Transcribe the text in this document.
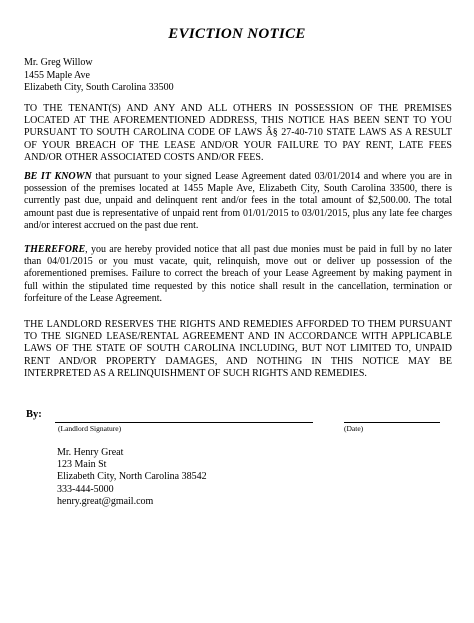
EVICTION NOTICE
Mr. Greg Willow
1455 Maple Ave
Elizabeth City, South Carolina 33500
TO THE TENANT(S) AND ANY AND ALL OTHERS IN POSSESSION OF THE PREMISES LOCATED AT THE AFOREMENTIONED ADDRESS, THIS NOTICE HAS BEEN SENT TO YOU PURSUANT TO SOUTH CAROLINA CODE OF LAWS Â§ 27-40-710 STATE LAWS AS A RESULT OF YOUR BREACH OF THE LEASE AND/OR YOUR FAILURE TO PAY RENT, LATE FEES AND/OR OTHER ASSOCIATED COSTS AND/OR FEES.
BE IT KNOWN that pursuant to your signed Lease Agreement dated 03/01/2014 and where you are in possession of the premises located at 1455 Maple Ave, Elizabeth City, South Carolina 33500, there is currently past due, unpaid and delinquent rent and/or fees in the total amount of $2,500.00. The total amount past due is representative of unpaid rent from 01/01/2015 to 03/01/2015, plus any late fee charges and/or interest accrued on the past due rent.
THEREFORE, you are hereby provided notice that all past due monies must be paid in full by no later than 04/01/2015 or you must vacate, quit, relinquish, move out or deliver up possession of the aforementioned premises. Failure to correct the breach of your Lease Agreement by making payment in full within the stipulated time requested by this notice shall result in the cancellation, termination or forfeiture of the Lease Agreement.
THE LANDLORD RESERVES THE RIGHTS AND REMEDIES AFFORDED TO THEM PURSUANT TO THE SIGNED LEASE/RENTAL AGREEMENT AND IN ACCORDANCE WITH APPLICABLE LAWS OF THE STATE OF SOUTH CAROLINA INCLUDING, BUT NOT LIMITED TO, UNPAID RENT AND/OR PROPERTY DAMAGES, AND NOTHING IN THIS NOTICE MAY BE INTERPRETED AS A RELINQUISHMENT OF SUCH RIGHTS AND REMEDIES.
By:
(Landlord Signature)	(Date)
Mr. Henry Great
123 Main St
Elizabeth City, North Carolina 38542
333-444-5000
henry.great@gmail.com
